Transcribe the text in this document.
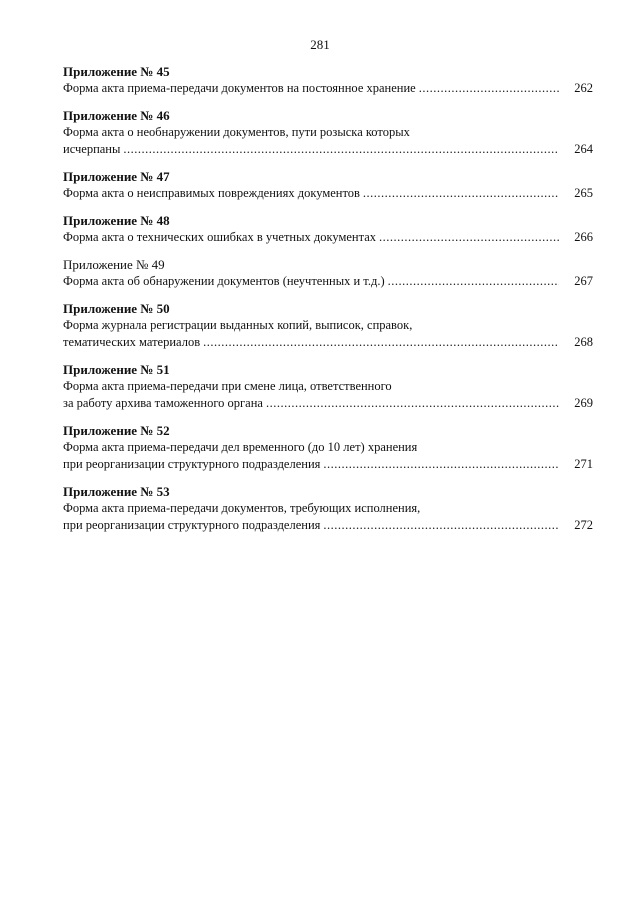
281
Приложение № 45
Форма акта приема-передачи документов на постоянное хранение .....	262
Приложение № 46
Форма акта о необнаружении документов, пути розыска которых
исчерпаны .....	264
Приложение № 47
Форма акта о неисправимых повреждениях документов .....	265
Приложение № 48
Форма акта о технических ошибках в учетных документах .....	266
Приложение № 49
Форма акта об обнаружении документов (неучтенных и т.д.) .....	267
Приложение № 50
Форма журнала регистрации выданных копий, выписок, справок,
тематических материалов .....	268
Приложение № 51
Форма акта приема-передачи при смене лица, ответственного
за работу архива таможенного органа .....	269
Приложение № 52
Форма акта приема-передачи дел временного (до 10 лет) хранения
при реорганизации структурного подразделения .....	271
Приложение № 53
Форма акта приема-передачи документов, требующих исполнения,
при реорганизации структурного подразделения .....	272
